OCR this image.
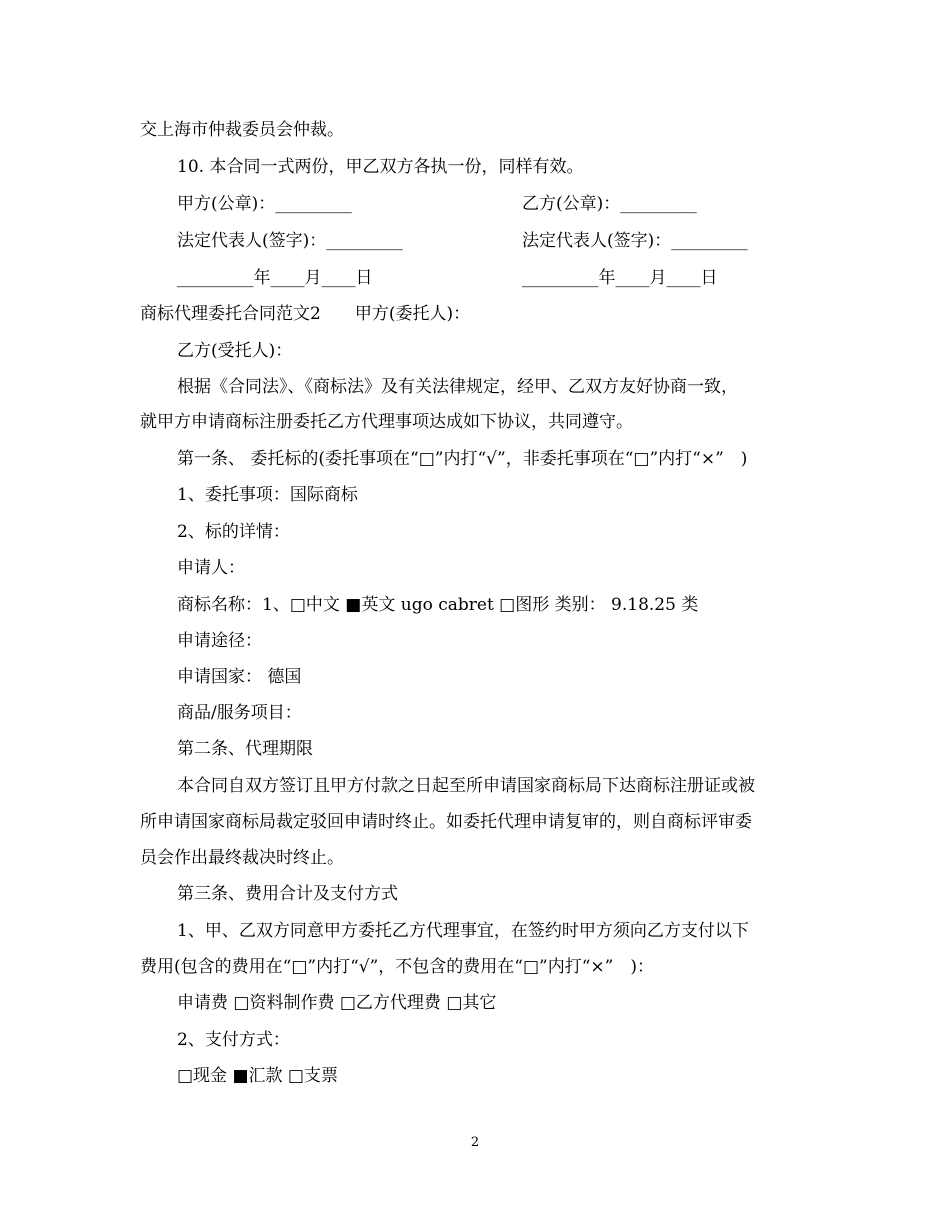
交上海市仲裁委员会仲裁。
10. 本合同一式两份，甲乙双方各执一份，同样有效。
甲方(公章)：_________	乙方(公章)：_________
法定代表人(签字)：_________	法定代表人(签字)：_________
_________年____月____日	_________年____月____日
商标代理委托合同范文2　　甲方(委托人)：
乙方(受托人)：
根据《合同法》、《商标法》及有关法律规定，经甲、乙双方友好协商一致，
就甲方申请商标注册委托乙方代理事项达成如下协议，共同遵守。
第一条、 委托标的(委托事项在“□”内打“√”，非委托事项在“□”内打“×”　)
1、委托事项：国际商标
2、标的详情：
申请人：
商标名称：1、□中文 ■英文 ugo cabret □图形 类别： 9.18.25 类
申请途径：
申请国家： 德国
商品/服务项目：
第二条、代理期限
本合同自双方签订且甲方付款之日起至所申请国家商标局下达商标注册证或被
所申请国家商标局裁定驳回申请时终止。如委托代理申请复审的，则自商标评审委
员会作出最终裁决时终止。
第三条、费用合计及支付方式
1、甲、乙双方同意甲方委托乙方代理事宜，在签约时甲方须向乙方支付以下
费用(包含的费用在“□”内打“√”，不包含的费用在“□”内打“×”　)：
申请费 □资料制作费 □乙方代理费 □其它
2、支付方式：
□现金 ■汇款 □支票
2
